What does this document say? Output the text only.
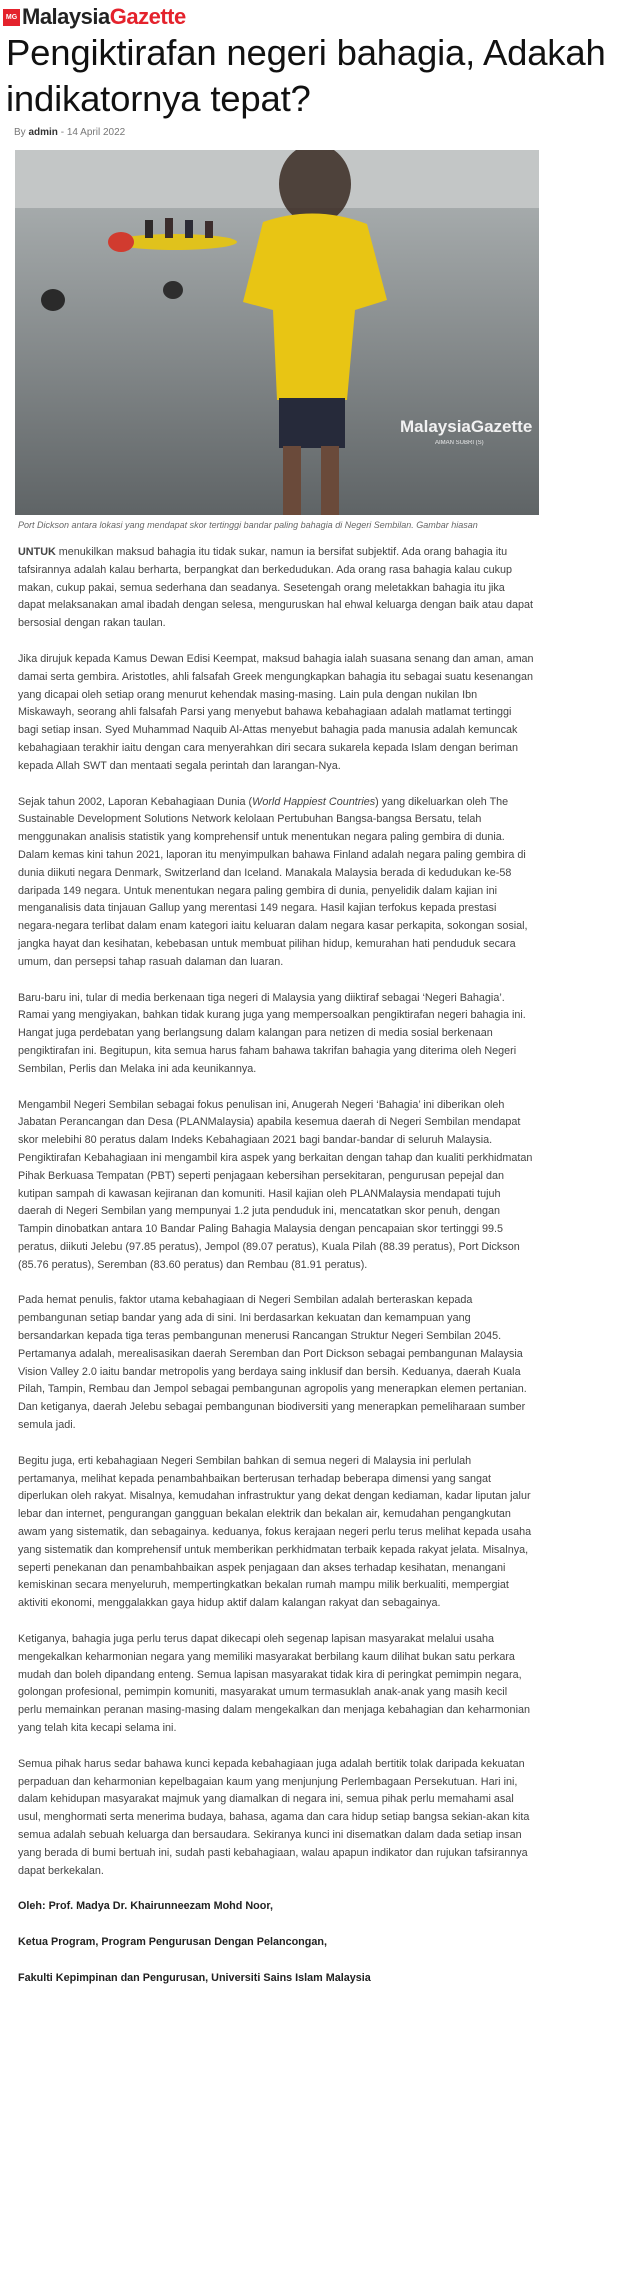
MG MalaysiaGazette
Pengiktirafan negeri bahagia, Adakah indikatornya tepat?
By admin - 14 April 2022
MalaysiaGazette
AIMAN SUBRI (S)
Port Dickson antara lokasi yang mendapat skor tertinggi bandar paling bahagia di Negeri Sembilan. Gambar hiasan

UNTUK menukilkan maksud bahagia itu tidak sukar, namun ia bersifat subjektif. Ada orang bahagia itu tafsirannya adalah kalau berharta, berpangkat dan berkedudukan. Ada orang rasa bahagia kalau cukup makan, cukup pakai, semua sederhana dan seadanya. Sesetengah orang meletakkan bahagia itu jika dapat melaksanakan amal ibadah dengan selesa, menguruskan hal ehwal keluarga dengan baik atau dapat bersosial dengan rakan taulan.

Jika dirujuk kepada Kamus Dewan Edisi Keempat, maksud bahagia ialah suasana senang dan aman, aman damai serta gembira. Aristotles, ahli falsafah Greek mengungkapkan bahagia itu sebagai suatu kesenangan yang dicapai oleh setiap orang menurut kehendak masing-masing. Lain pula dengan nukilan Ibn Miskawayh, seorang ahli falsafah Parsi yang menyebut bahawa kebahagiaan adalah matlamat tertinggi bagi setiap insan. Syed Muhammad Naquib Al-Attas menyebut bahagia pada manusia adalah kemuncak kebahagiaan terakhir iaitu dengan cara menyerahkan diri secara sukarela kepada Islam dengan beriman kepada Allah SWT dan mentaati segala perintah dan larangan-Nya.

Sejak tahun 2002, Laporan Kebahagiaan Dunia (World Happiest Countries) yang dikeluarkan oleh The Sustainable Development Solutions Network kelolaan Pertubuhan Bangsa-bangsa Bersatu, telah menggunakan analisis statistik yang komprehensif untuk menentukan negara paling gembira di dunia. Dalam kemas kini tahun 2021, laporan itu menyimpulkan bahawa Finland adalah negara paling gembira di dunia diikuti negara Denmark, Switzerland dan Iceland. Manakala Malaysia berada di kedudukan ke-58 daripada 149 negara. Untuk menentukan negara paling gembira di dunia, penyelidik dalam kajian ini menganalisis data tinjauan Gallup yang merentasi 149 negara. Hasil kajian terfokus kepada prestasi negara-negara terlibat dalam enam kategori iaitu keluaran dalam negara kasar perkapita, sokongan sosial, jangka hayat dan kesihatan, kebebasan untuk membuat pilihan hidup, kemurahan hati penduduk secara umum, dan persepsi tahap rasuah dalaman dan luaran.

Baru-baru ini, tular di media berkenaan tiga negeri di Malaysia yang diiktiraf sebagai ‘Negeri Bahagia’. Ramai yang mengiyakan, bahkan tidak kurang juga yang mempersoalkan pengiktirafan negeri bahagia ini. Hangat juga perdebatan yang berlangsung dalam kalangan para netizen di media sosial berkenaan pengiktirafan ini. Begitupun, kita semua harus faham bahawa takrifan bahagia yang diterima oleh Negeri Sembilan, Perlis dan Melaka ini ada keunikannya.

Mengambil Negeri Sembilan sebagai fokus penulisan ini, Anugerah Negeri ‘Bahagia’ ini diberikan oleh Jabatan Perancangan dan Desa (PLANMalaysia) apabila kesemua daerah di Negeri Sembilan mendapat skor melebihi 80 peratus dalam Indeks Kebahagiaan 2021 bagi bandar-bandar di seluruh Malaysia. Pengiktirafan Kebahagiaan ini mengambil kira aspek yang berkaitan dengan tahap dan kualiti perkhidmatan Pihak Berkuasa Tempatan (PBT) seperti penjagaan kebersihan persekitaran, pengurusan pepejal dan kutipan sampah di kawasan kejiranan dan komuniti. Hasil kajian oleh PLANMalaysia mendapati tujuh daerah di Negeri Sembilan yang mempunyai 1.2 juta penduduk ini, mencatatkan skor penuh, dengan Tampin dinobatkan antara 10 Bandar Paling Bahagia Malaysia dengan pencapaian skor tertinggi 99.5 peratus, diikuti Jelebu (97.85 peratus), Jempol (89.07 peratus), Kuala Pilah (88.39 peratus), Port Dickson (85.76 peratus), Seremban (83.60 peratus) dan Rembau (81.91 peratus).

Pada hemat penulis, faktor utama kebahagiaan di Negeri Sembilan adalah berteraskan kepada pembangunan setiap bandar yang ada di sini. Ini berdasarkan kekuatan dan kemampuan yang bersandarkan kepada tiga teras pembangunan menerusi Rancangan Struktur Negeri Sembilan 2045. Pertamanya adalah, merealisasikan daerah Seremban dan Port Dickson sebagai pembangunan Malaysia Vision Valley 2.0 iaitu bandar metropolis yang berdaya saing inklusif dan bersih. Keduanya, daerah Kuala Pilah, Tampin, Rembau dan Jempol sebagai pembangunan agropolis yang menerapkan elemen pertanian. Dan ketiganya, daerah Jelebu sebagai pembangunan biodiversiti yang menerapkan pemeliharaan sumber semula jadi.

Begitu juga, erti kebahagiaan Negeri Sembilan bahkan di semua negeri di Malaysia ini perlulah pertamanya, melihat kepada penambahbaikan berterusan terhadap beberapa dimensi yang sangat diperlukan oleh rakyat. Misalnya, kemudahan infrastruktur yang dekat dengan kediaman, kadar liputan jalur lebar dan internet, pengurangan gangguan bekalan elektrik dan bekalan air, kemudahan pengangkutan awam yang sistematik, dan sebagainya. keduanya, fokus kerajaan negeri perlu terus melihat kepada usaha yang sistematik dan komprehensif untuk memberikan perkhidmatan terbaik kepada rakyat jelata. Misalnya, seperti penekanan dan penambahbaikan aspek penjagaan dan akses terhadap kesihatan, menangani kemiskinan secara menyeluruh, mempertingkatkan bekalan rumah mampu milik berkualiti, mempergiat aktiviti ekonomi, menggalakkan gaya hidup aktif dalam kalangan rakyat dan sebagainya.

Ketiganya, bahagia juga perlu terus dapat dikecapi oleh segenap lapisan masyarakat melalui usaha mengekalkan keharmonian negara yang memiliki masyarakat berbilang kaum dilihat bukan satu perkara mudah dan boleh dipandang enteng. Semua lapisan masyarakat tidak kira di peringkat pemimpin negara, golongan profesional, pemimpin komuniti, masyarakat umum termasuklah anak-anak yang masih kecil perlu memainkan peranan masing-masing dalam mengekalkan dan menjaga kebahagian dan keharmonian yang telah kita kecapi selama ini.

Semua pihak harus sedar bahawa kunci kepada kebahagiaan juga adalah bertitik tolak daripada kekuatan perpaduan dan keharmonian kepelbagaian kaum yang menjunjung Perlembagaan Persekutuan. Hari ini, dalam kehidupan masyarakat majmuk yang diamalkan di negara ini, semua pihak perlu memahami asal usul, menghormati serta menerima budaya, bahasa, agama dan cara hidup setiap bangsa sekian-akan kita semua adalah sebuah keluarga dan bersaudara. Sekiranya kunci ini disematkan dalam dada setiap insan yang berada di bumi bertuah ini, sudah pasti kebahagiaan, walau apapun indikator dan rujukan tafsirannya dapat berkekalan.

Oleh: Prof. Madya Dr. Khairunneezam Mohd Noor,

Ketua Program, Program Pengurusan Dengan Pelancongan,

Fakulti Kepimpinan dan Pengurusan, Universiti Sains Islam Malaysia
